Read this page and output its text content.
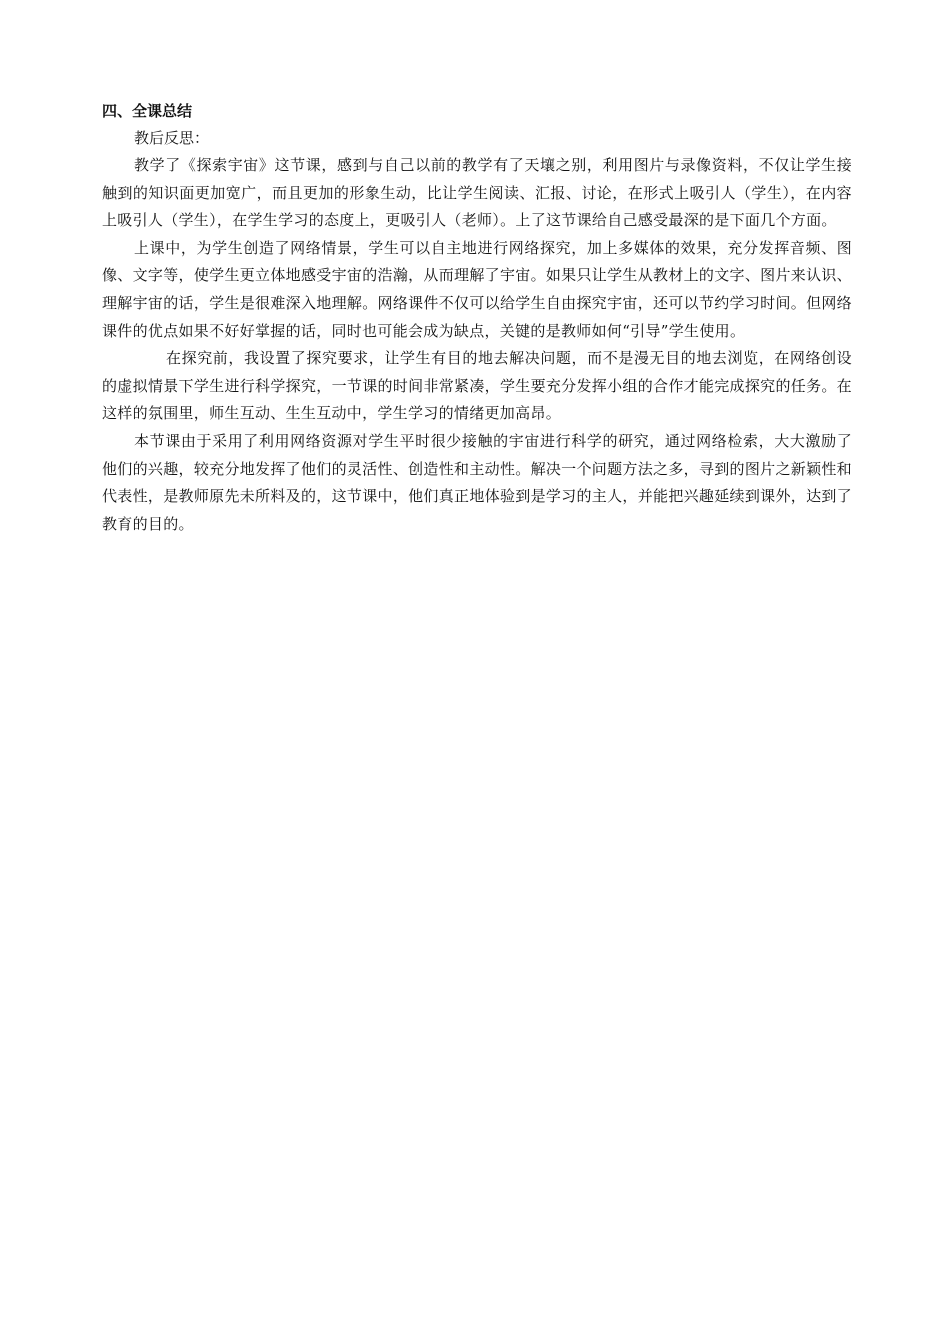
四、全课总结

教后反思：

教学了《探索宇宙》这节课，感到与自己以前的教学有了天壤之别，利用图片与录像资料，不仅让学生接触到的知识面更加宽广，而且更加的形象生动，比让学生阅读、汇报、讨论，在形式上吸引人（学生），在内容上吸引人（学生），在学生学习的态度上，更吸引人（老师）。上了这节课给自己感受最深的是下面几个方面。

上课中，为学生创造了网络情景，学生可以自主地进行网络探究，加上多媒体的效果，充分发挥音频、图像、文字等，使学生更立体地感受宇宙的浩瀚，从而理解了宇宙。如果只让学生从教材上的文字、图片来认识、理解宇宙的话，学生是很难深入地理解。网络课件不仅可以给学生自由探究宇宙，还可以节约学习时间。但网络课件的优点如果不好好掌握的话，同时也可能会成为缺点，关键的是教师如何“引导”学生使用。

在探究前，我设置了探究要求，让学生有目的地去解决问题，而不是漫无目的地去浏览，在网络创设的虚拟情景下学生进行科学探究，一节课的时间非常紧凑，学生要充分发挥小组的合作才能完成探究的任务。在这样的氛围里，师生互动、生生互动中，学生学习的情绪更加高昂。

本节课由于采用了利用网络资源对学生平时很少接触的宇宙进行科学的研究，通过网络检索，大大激励了他们的兴趣，较充分地发挥了他们的灵活性、创造性和主动性。解决一个问题方法之多，寻到的图片之新颖性和代表性，是教师原先未所料及的，这节课中，他们真正地体验到是学习的主人，并能把兴趣延续到课外，达到了教育的目的。
